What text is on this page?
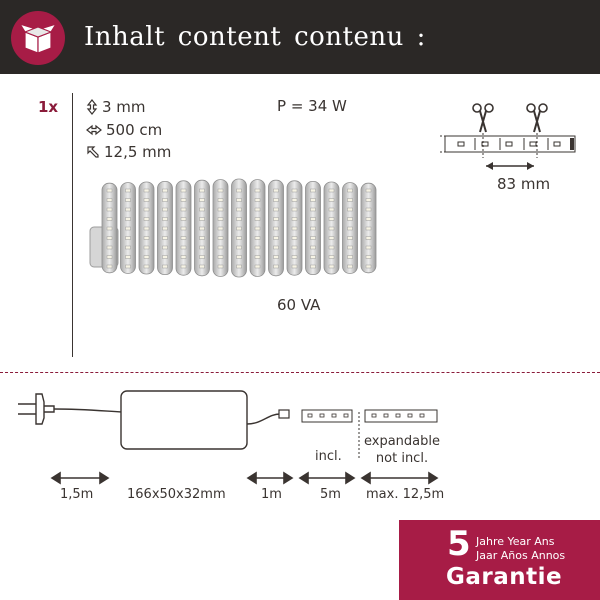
Inhalt content contenu :
1x	3 mm
500 cm
12,5 mm
P = 34 W
60 VA
83 mm
incl.
expandable
not incl.
1,5m	166x50x32mm	1m	5m max. 12,5m
5 Jahre Year Ans
Jaar Años Annos
Garantie
